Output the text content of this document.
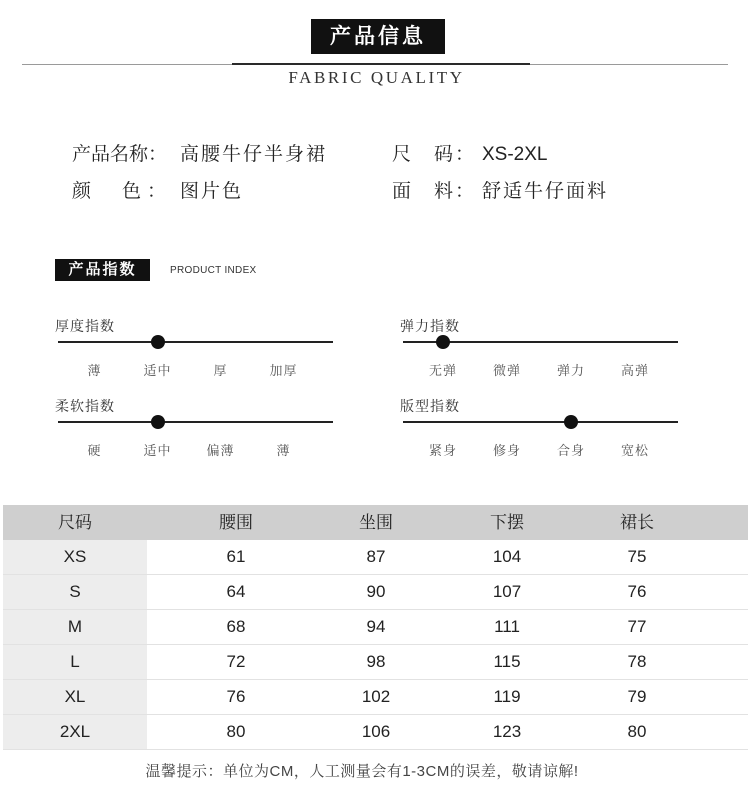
产品信息
FABRIC QUALITY
产品名称： 高腰牛仔半身裙	尺　码： XS-2XL
颜　色： 图片色	面　料： 舒适牛仔面料
产品指数	PRODUCT INDEX
厚度指数
薄	适中	厚	加厚
弹力指数
无弹	微弹	弹力	高弹
柔软指数
硬	适中	偏薄	薄
版型指数
紧身	修身	合身	宽松
尺码	腰围	坐围	下摆	裙长
XS	61	87	104	75
S	64	90	107	76
M	68	94	111	77
L	72	98	115	78
XL	76	102	119	79
2XL	80	106	123	80
温馨提示：单位为CM，人工测量会有1-3CM的误差，敬请谅解!
